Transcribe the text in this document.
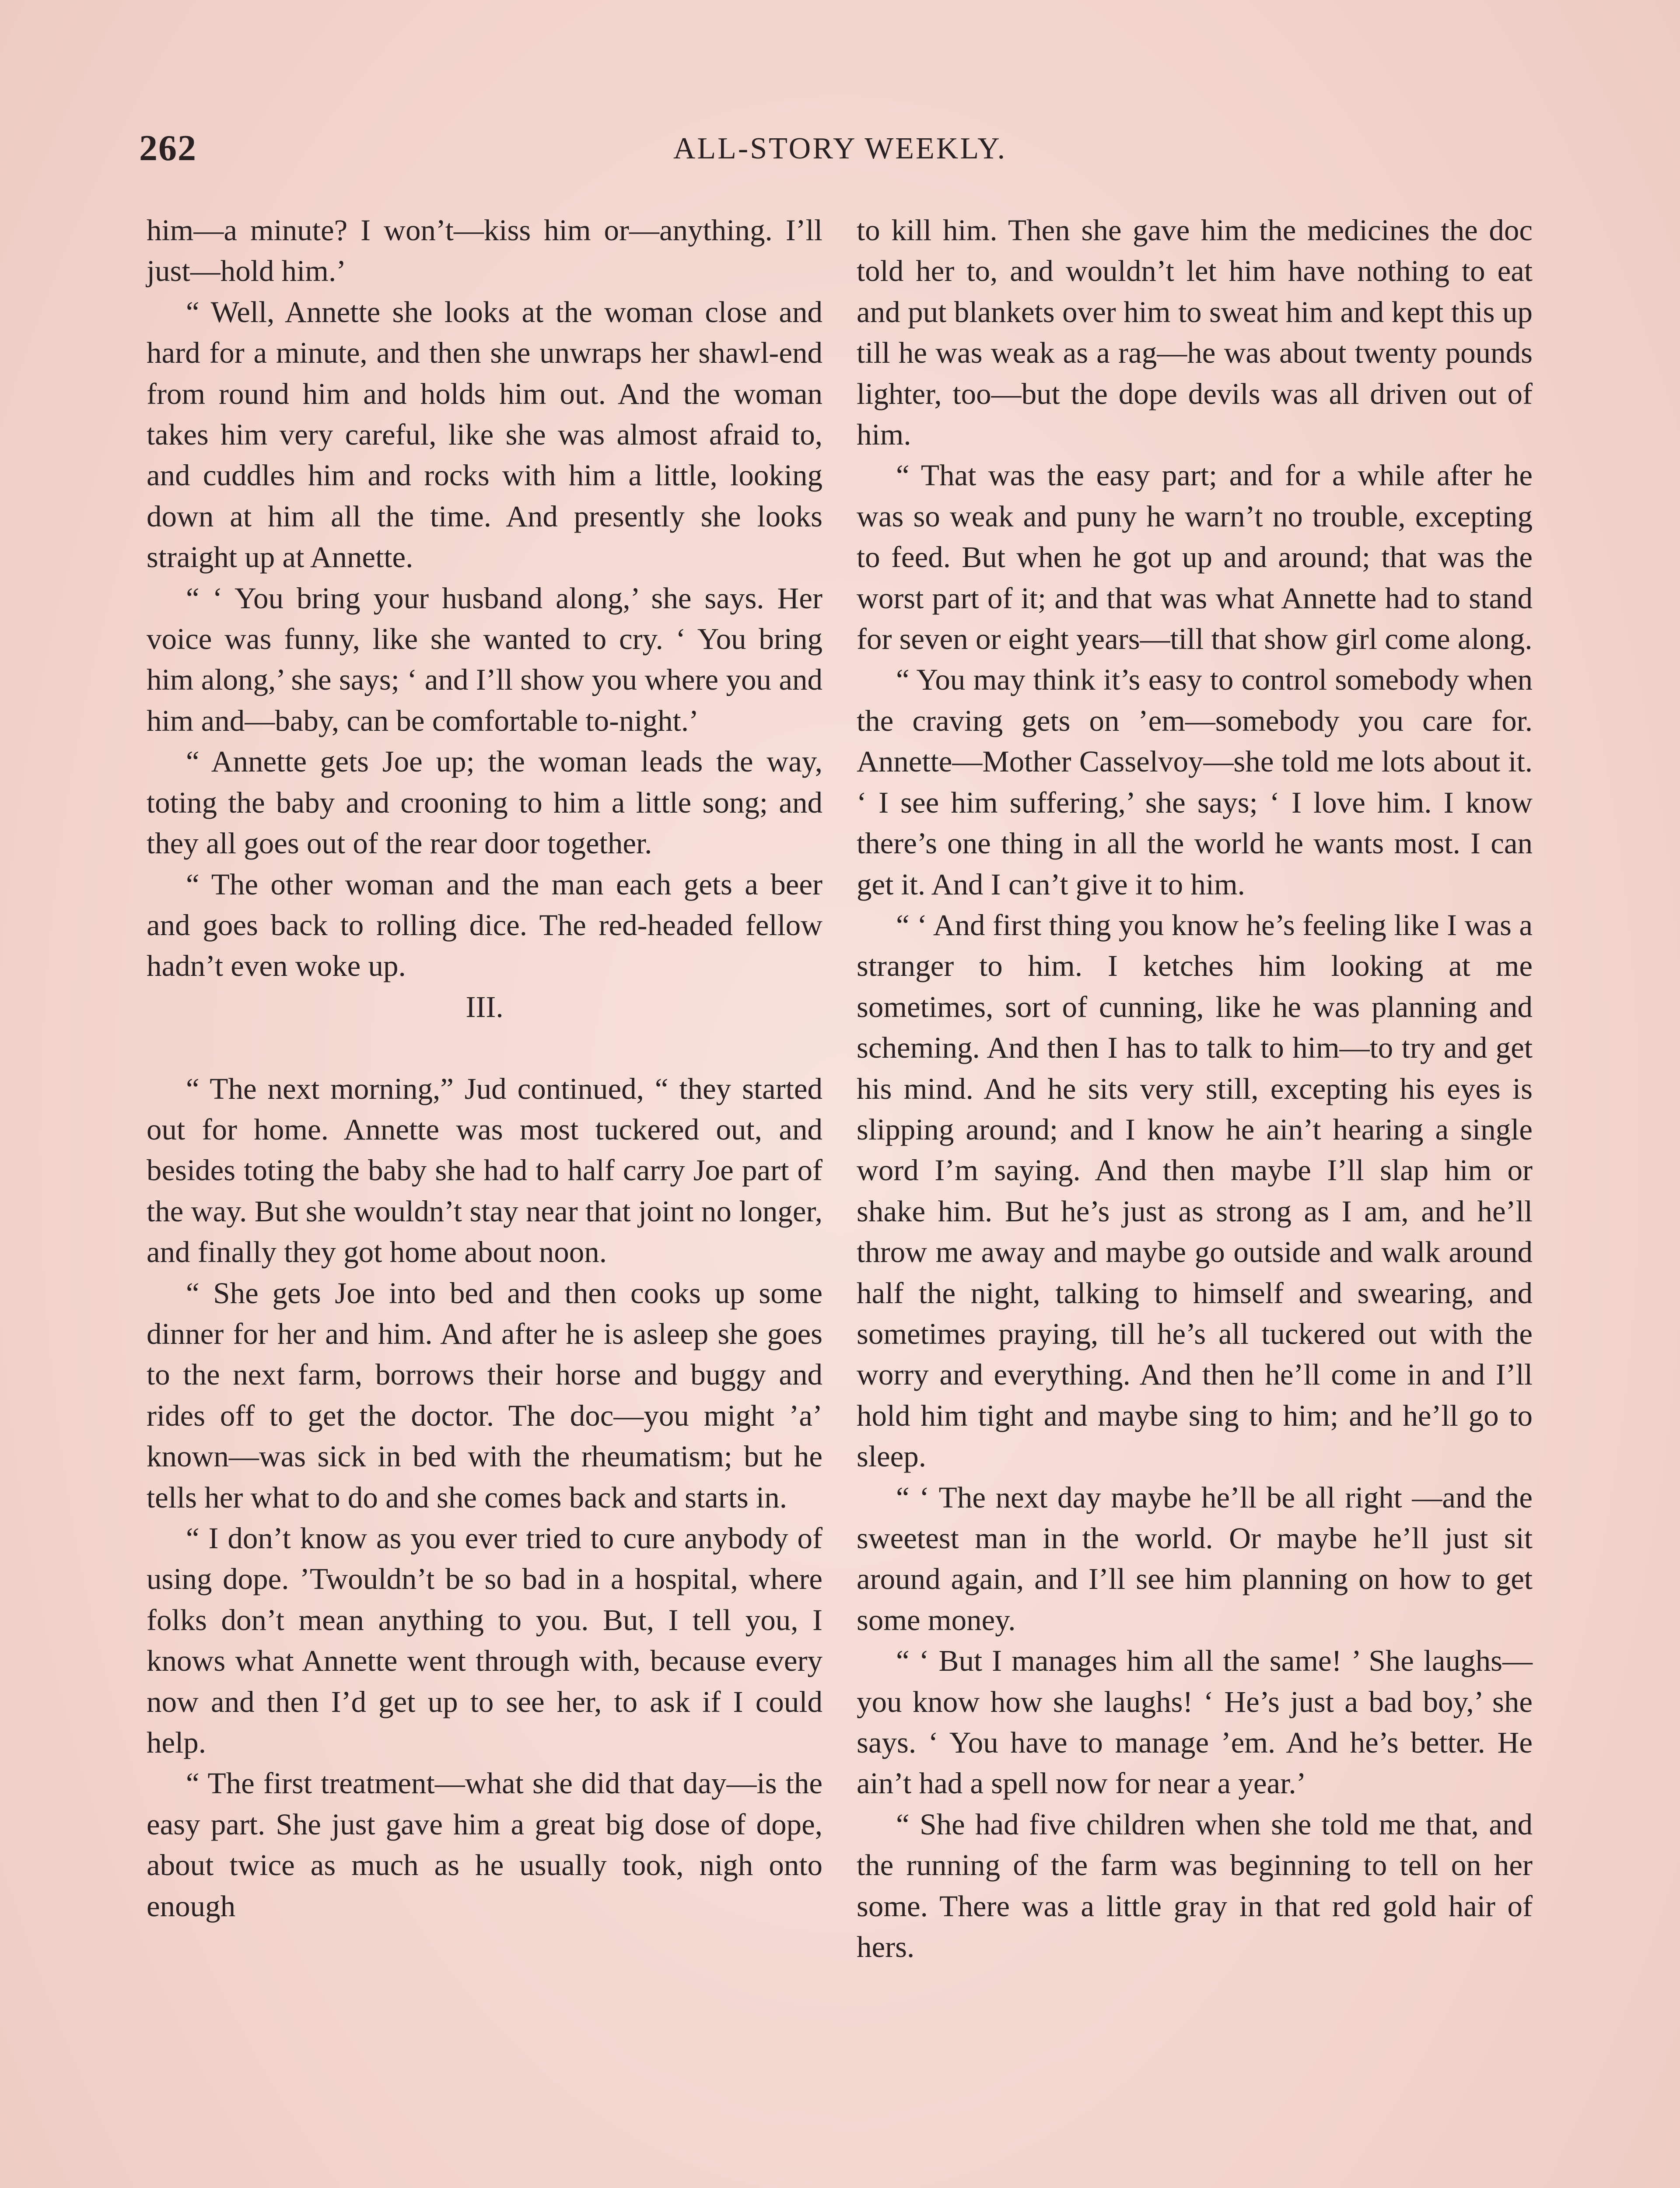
262	ALL-STORY WEEKLY.

him—a minute? I won’t—kiss him or—anything. I’ll just—hold him.’

“ Well, Annette she looks at the woman close and hard for a minute, and then she unwraps her shawl-end from round him and holds him out. And the woman takes him very careful, like she was almost afraid to, and cuddles him and rocks with him a little, looking down at him all the time. And presently she looks straight up at Annette.

“ ‘ You bring your husband along,’ she says. Her voice was funny, like she wanted to cry. ‘ You bring him along,’ she says; ‘ and I’ll show you where you and him and—baby, can be comfortable to-night.’

“ Annette gets Joe up; the woman leads the way, toting the baby and crooning to him a little song; and they all goes out of the rear door together.

“ The other woman and the man each gets a beer and goes back to rolling dice. The red-headed fellow hadn’t even woke up.

III.

“ The next morning,” Jud continued, “ they started out for home. Annette was most tuckered out, and besides toting the baby she had to half carry Joe part of the way. But she wouldn’t stay near that joint no longer, and finally they got home about noon.

“ She gets Joe into bed and then cooks up some dinner for her and him. And after he is asleep she goes to the next farm, borrows their horse and buggy and rides off to get the doctor. The doc—you might ’a’ known—was sick in bed with the rheumatism; but he tells her what to do and she comes back and starts in.

“ I don’t know as you ever tried to cure anybody of using dope. ’Twouldn’t be so bad in a hospital, where folks don’t mean anything to you. But, I tell you, I knows what Annette went through with, because every now and then I’d get up to see her, to ask if I could help.

“ The first treatment—what she did that day—is the easy part. She just gave him a great big dose of dope, about twice as much as he usually took, nigh onto enough

to kill him. Then she gave him the medicines the doc told her to, and wouldn’t let him have nothing to eat and put blankets over him to sweat him and kept this up till he was weak as a rag—he was about twenty pounds lighter, too—but the dope devils was all driven out of him.

“ That was the easy part; and for a while after he was so weak and puny he warn’t no trouble, excepting to feed. But when he got up and around; that was the worst part of it; and that was what Annette had to stand for seven or eight years—till that show girl come along.

“ You may think it’s easy to control somebody when the craving gets on ’em—somebody you care for. Annette—Mother Casselvoy—she told me lots about it. ‘ I see him suffering,’ she says; ‘ I love him. I know there’s one thing in all the world he wants most. I can get it. And I can’t give it to him.

“ ‘ And first thing you know he’s feeling like I was a stranger to him. I ketches him looking at me sometimes, sort of cunning, like he was planning and scheming. And then I has to talk to him—to try and get his mind. And he sits very still, excepting his eyes is slipping around; and I know he ain’t hearing a single word I’m saying. And then maybe I’ll slap him or shake him. But he’s just as strong as I am, and he’ll throw me away and maybe go outside and walk around half the night, talking to himself and swearing, and sometimes praying, till he’s all tuckered out with the worry and everything. And then he’ll come in and I’ll hold him tight and maybe sing to him; and he’ll go to sleep.

“ ‘ The next day maybe he’ll be all right —and the sweetest man in the world. Or maybe he’ll just sit around again, and I’ll see him planning on how to get some money.

“ ‘ But I manages him all the same! ’ She laughs—you know how she laughs! ‘ He’s just a bad boy,’ she says. ‘ You have to manage ’em. And he’s better. He ain’t had a spell now for near a year.’

“ She had five children when she told me that, and the running of the farm was beginning to tell on her some. There was a little gray in that red gold hair of hers.
